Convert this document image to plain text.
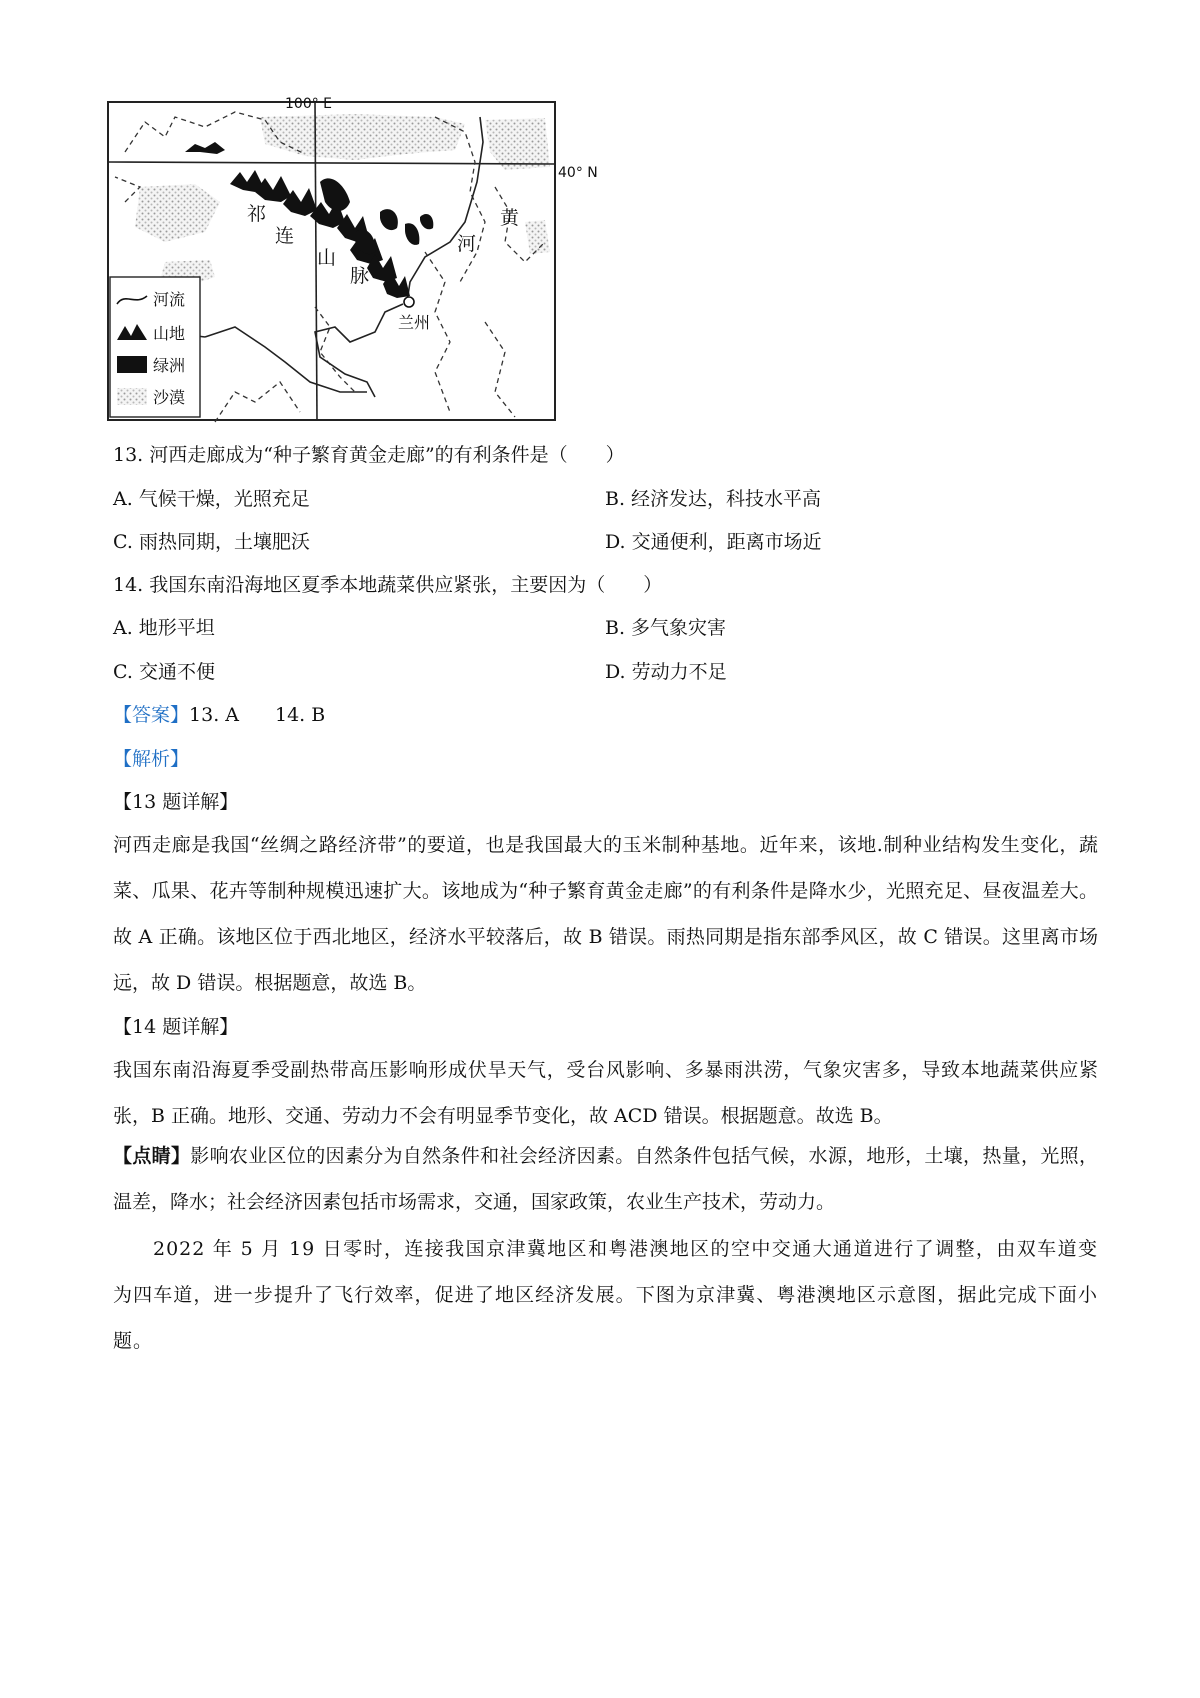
100° E
40° N
祁
连
山
脉
黄
河
兰州
河流
山地
绿洲
沙漠
13. 河西走廊成为“种子繁育黄金走廊”的有利条件是（　　）
A. 气候干燥，光照充足	B. 经济发达，科技水平高
C. 雨热同期，土壤肥沃	D. 交通便利，距离市场近
14. 我国东南沿海地区夏季本地蔬菜供应紧张，主要因为（　　）
A. 地形平坦	B. 多气象灾害
C. 交通不便	D. 劳动力不足
【答案】13. A 14. B
【解析】
【13 题详解】
河西走廊是我国“丝绸之路经济带”的要道，也是我国最大的玉米制种基地。近年来，该地.制种业结构发生变化，蔬菜、瓜果、花卉等制种规模迅速扩大。该地成为“种子繁育黄金走廊”的有利条件是降水少，光照充足、昼夜温差大。故 A 正确。该地区位于西北地区，经济水平较落后，故 B 错误。雨热同期是指东部季风区，故 C 错误。这里离市场远，故 D 错误。根据题意，故选 B。
【14 题详解】
我国东南沿海夏季受副热带高压影响形成伏旱天气，受台风影响、多暴雨洪涝，气象灾害多，导致本地蔬菜供应紧张，B 正确。地形、交通、劳动力不会有明显季节变化，故 ACD 错误。根据题意。故选 B。
【点睛】影响农业区位的因素分为自然条件和社会经济因素。自然条件包括气候，水源，地形，土壤，热量，光照，温差，降水；社会经济因素包括市场需求，交通，国家政策，农业生产技术，劳动力。
2022 年 5 月 19 日零时，连接我国京津冀地区和粤港澳地区的空中交通大通道进行了调整，由双车道变为四车道，进一步提升了飞行效率，促进了地区经济发展。下图为京津冀、粤港澳地区示意图，据此完成下面小题。
